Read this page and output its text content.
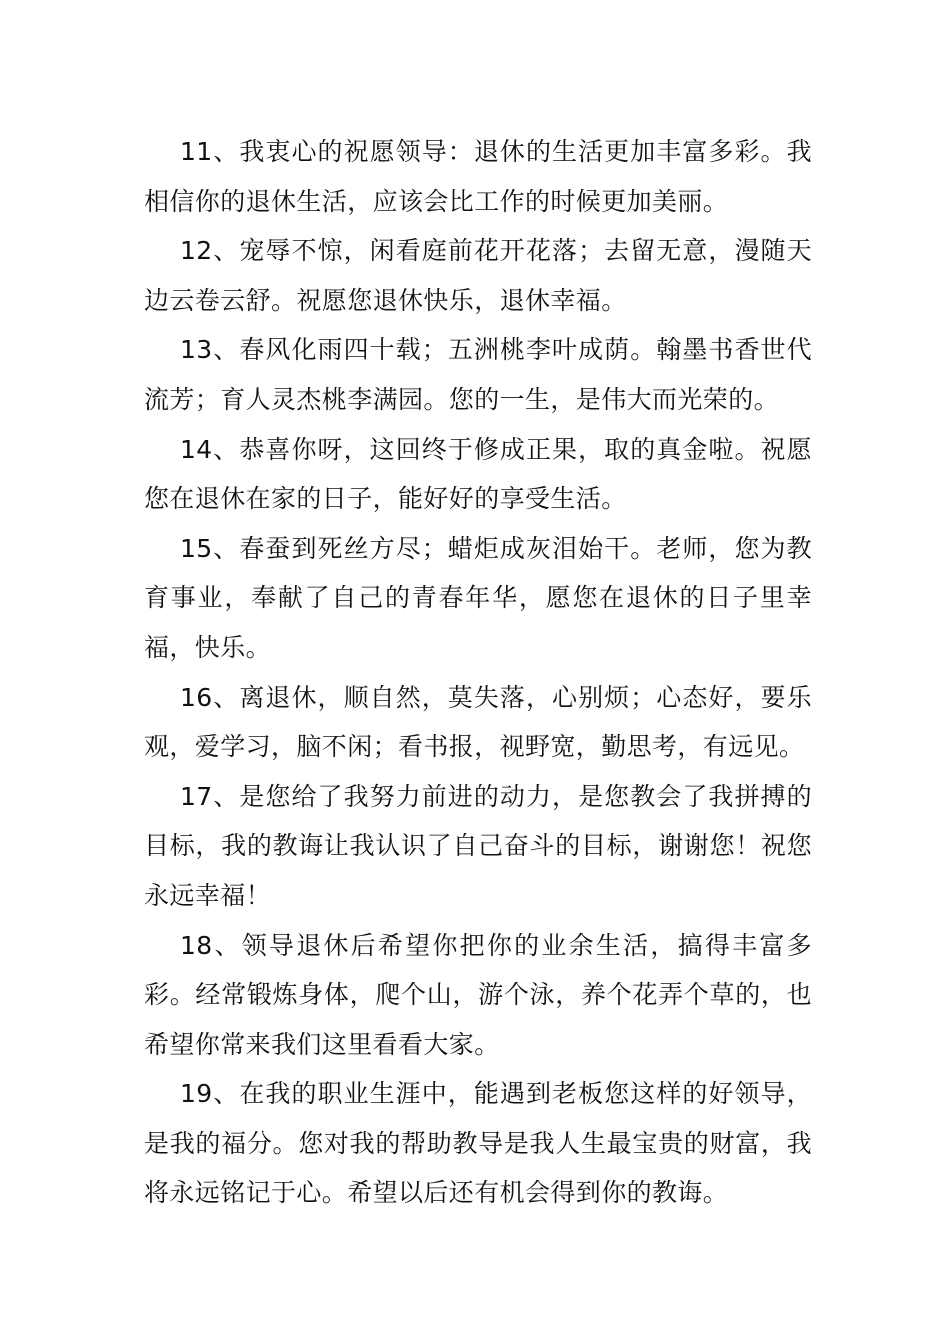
11、我衷心的祝愿领导：退休的生活更加丰富多彩。我相信你的退休生活，应该会比工作的时候更加美丽。

12、宠辱不惊，闲看庭前花开花落；去留无意，漫随天边云卷云舒。祝愿您退休快乐，退休幸福。

13、春风化雨四十载；五洲桃李叶成荫。翰墨书香世代流芳；育人灵杰桃李满园。您的一生，是伟大而光荣的。

14、恭喜你呀，这回终于修成正果，取的真金啦。祝愿您在退休在家的日子，能好好的享受生活。

15、春蚕到死丝方尽；蜡炬成灰泪始干。老师，您为教育事业，奉献了自己的青春年华，愿您在退休的日子里幸福，快乐。

16、离退休，顺自然，莫失落，心别烦；心态好，要乐观，爱学习，脑不闲；看书报，视野宽，勤思考，有远见。

17、是您给了我努力前进的动力，是您教会了我拼搏的目标，我的教诲让我认识了自己奋斗的目标，谢谢您！祝您永远幸福！

18、领导退休后希望你把你的业余生活，搞得丰富多彩。经常锻炼身体，爬个山，游个泳，养个花弄个草的，也希望你常来我们这里看看大家。

19、在我的职业生涯中，能遇到老板您这样的好领导，是我的福分。您对我的帮助教导是我人生最宝贵的财富，我将永远铭记于心。希望以后还有机会得到你的教诲。
